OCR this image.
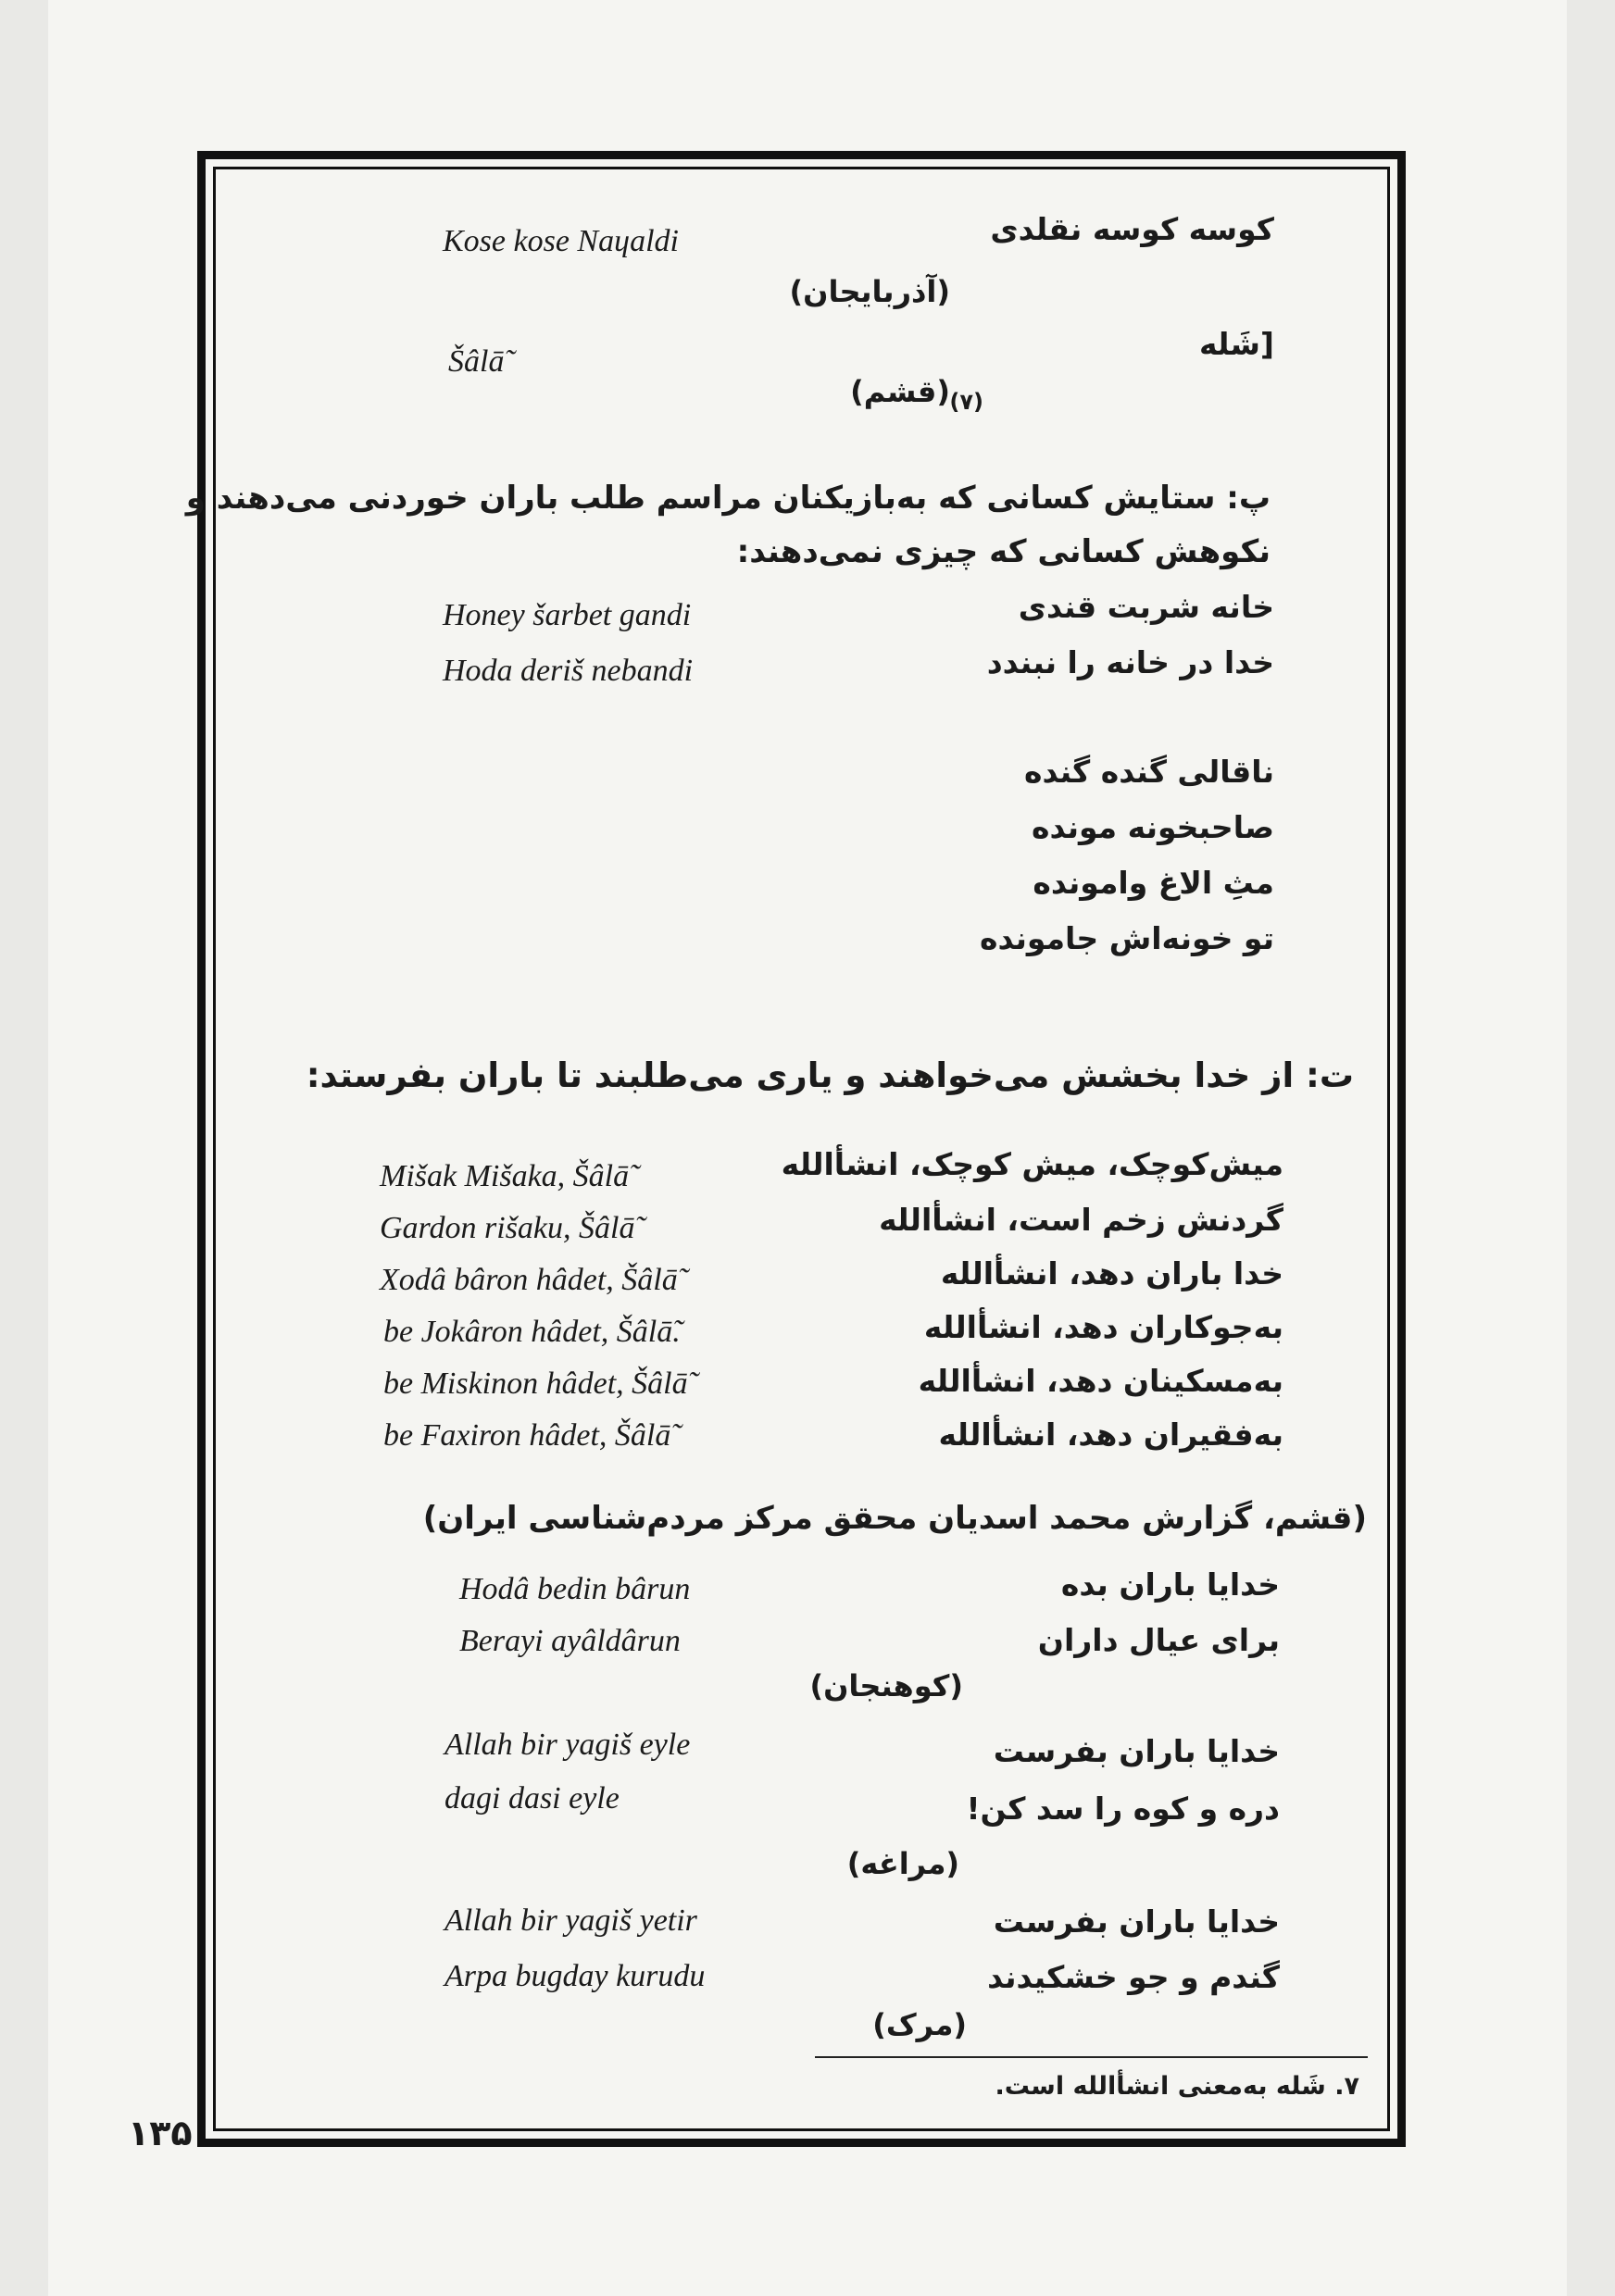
کوسه کوسه نقلدی
Kose kose Naɥaldi
(آذربایجان)
[شَله
Šâlā̃
(قشم) (۷)
پ: ستایش کسانی که به‌بازیکنان مراسم طلب باران خوردنی می‌دهند و
نکوهش کسانی که چیزی نمی‌دهند:
خانه شربت قندی
Honey šarbet gandi
خدا در خانه را نبندد
Hoda deriš nebandi
ناقالی گنده گنده
صاحبخونه مونده
مثِ الاغ وامونده
تو خونه‌اش جامونده
ت: از خدا بخشش می‌خواهند و یاری می‌طلبند تا باران بفرستد:
میش‌کوچک، میش کوچک، انشأالله
Mišak Mišaka, Šâlā̃
گردنش زخم است، انشأالله
Gardon rišaku, Šâlā̃
خدا باران دهد، انشأالله
Xodâ bâron hâdet, Šâlā̃
به‌جوکاران دهد، انشأالله
be Jokâron hâdet, Šâlā̃.
به‌مسکینان دهد، انشأالله
be Miskinon hâdet, Šâlā̃
به‌فقیران دهد، انشأالله
be Faxiron hâdet, Šâlā̃
(قشم، گزارش محمد اسدیان محقق مرکز مردم‌شناسی ایران)
خدایا باران بده
Hodâ bedin bârun
برای عیال داران
Berayi ayâldârun
(کوهنجان)
خدایا باران بفرست
Allah bir yagiš eyle
دره و کوه را سد کن!
dagi dasi eyle
(مراغه)
خدایا باران بفرست
Allah bir yagiš yetir
گندم و جو خشکیدند
Arpa bugday kurudu
(مرک)
۷. شَله به‌معنی انشأالله است.
۱۳۵
